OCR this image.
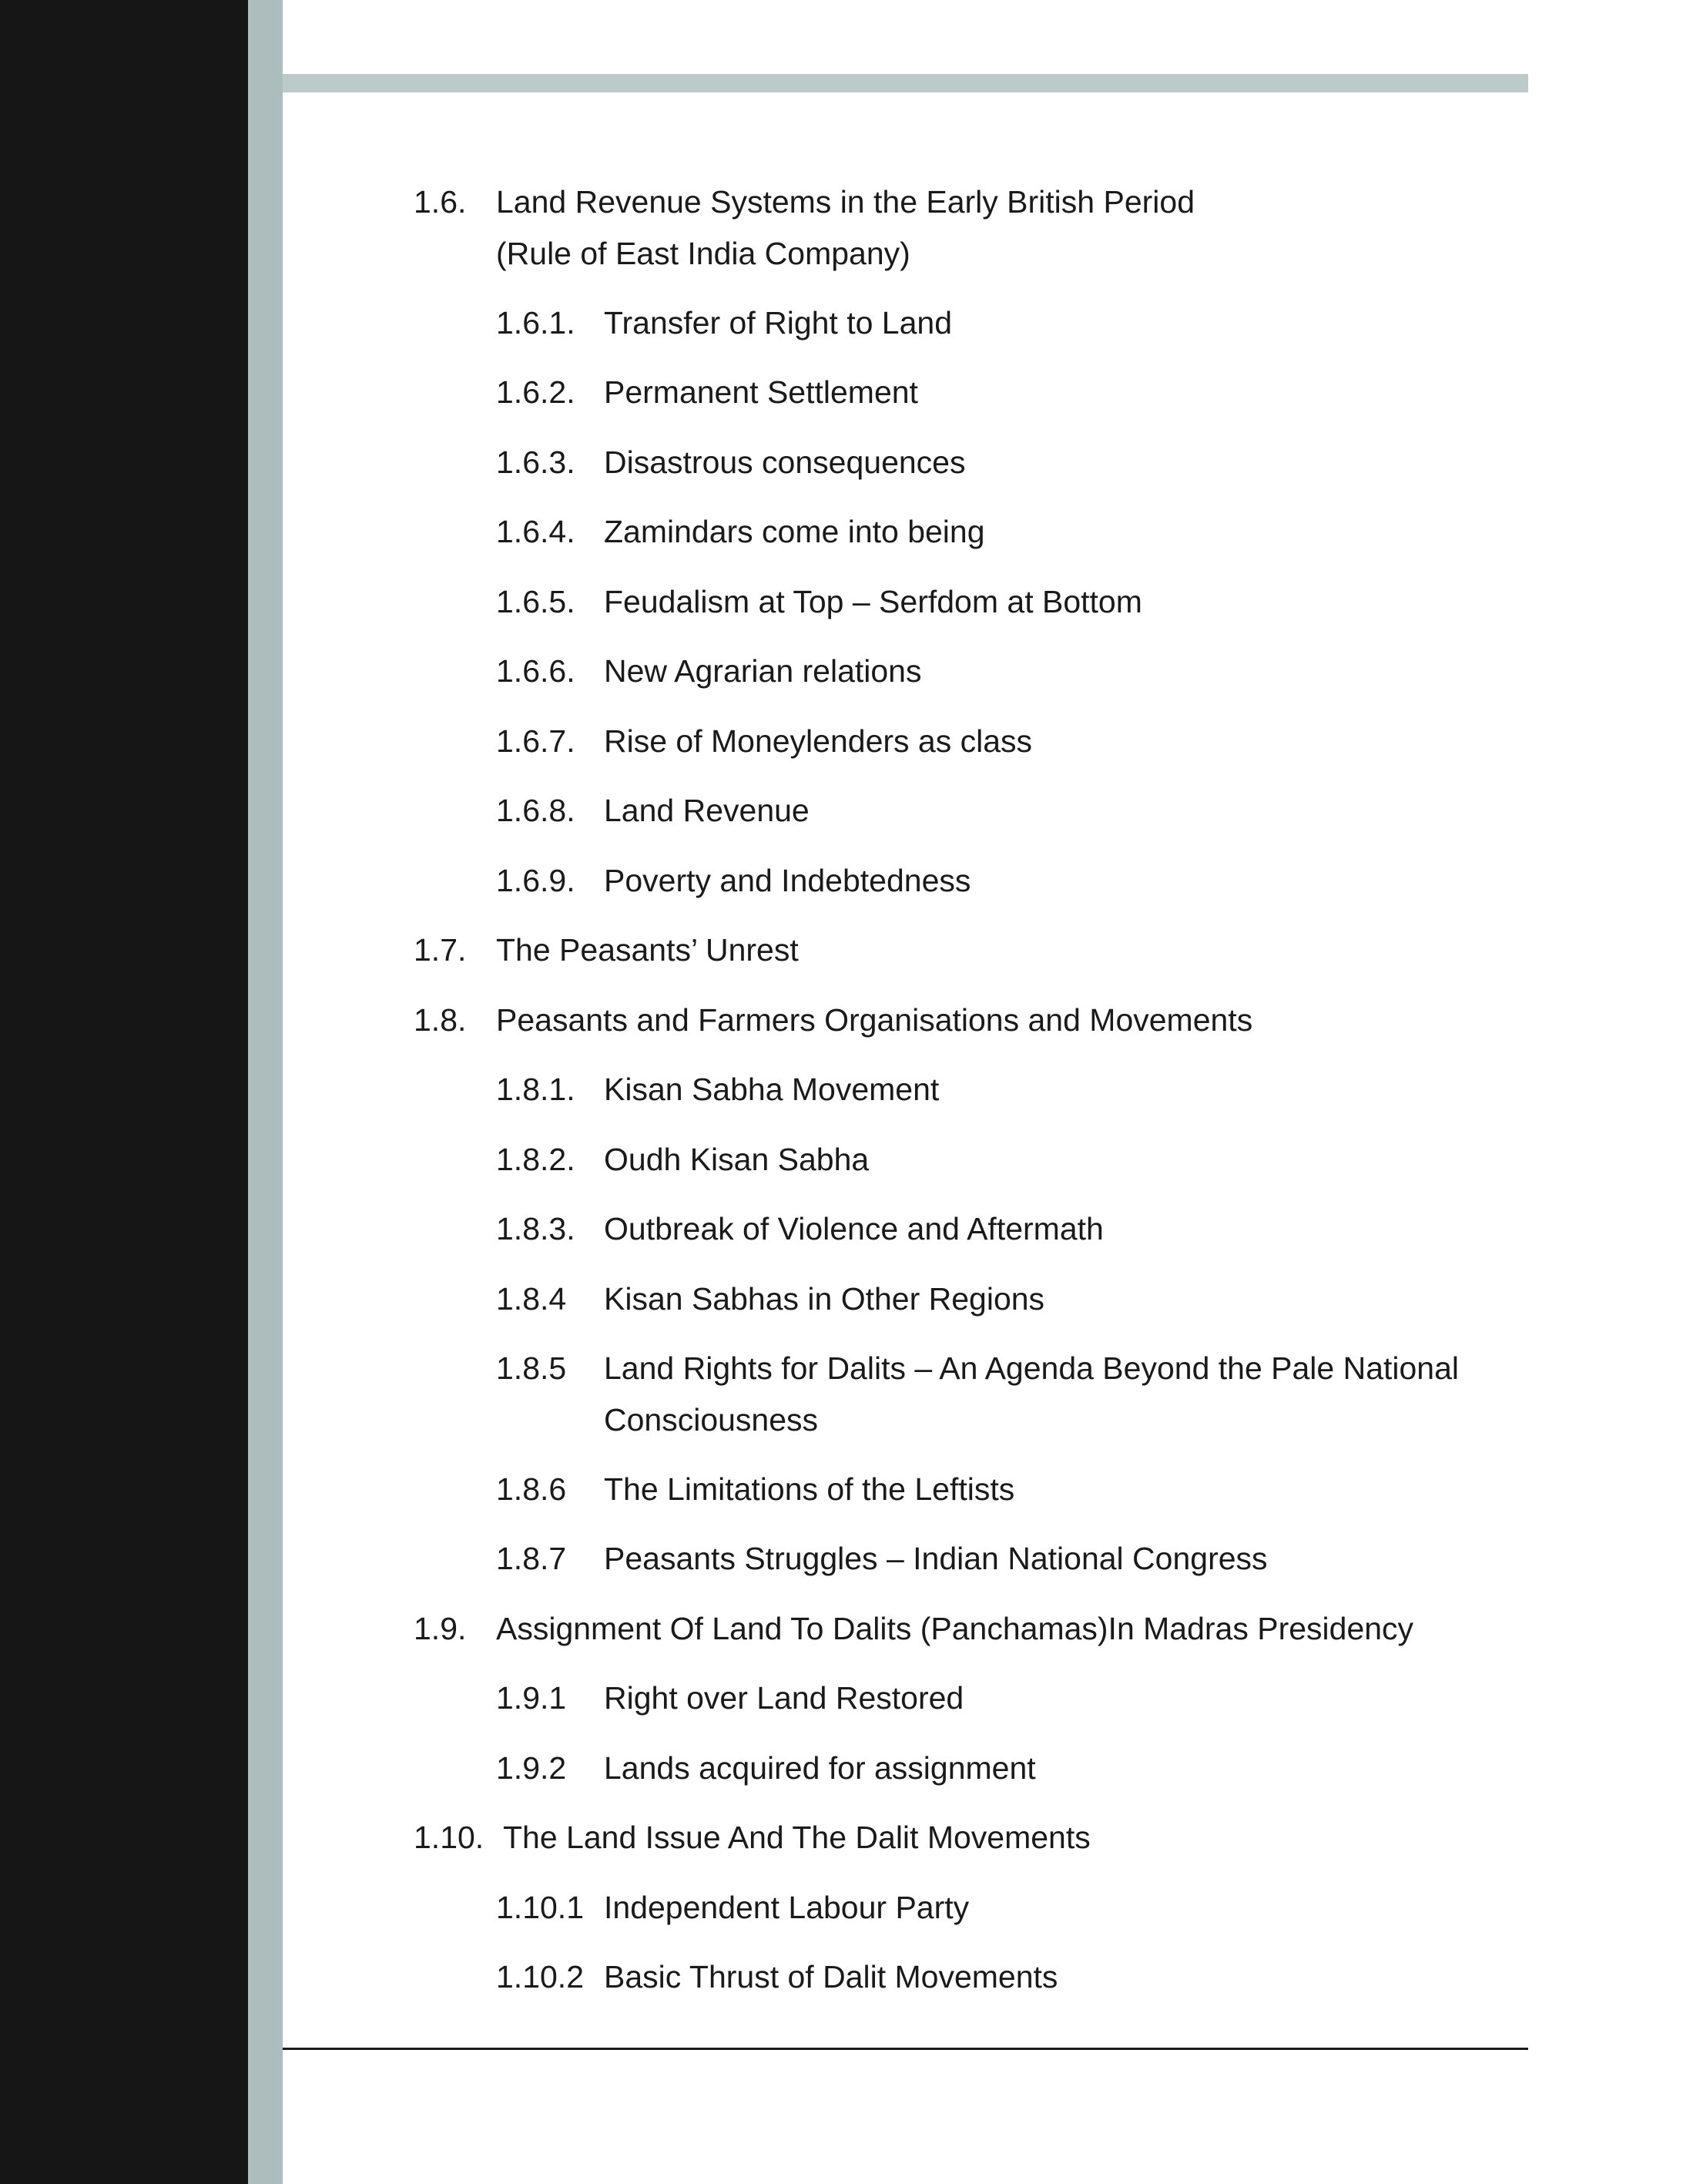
1.6. Land Revenue Systems in the Early British Period
(Rule of East India Company)
1.6.1. Transfer of Right to Land
1.6.2. Permanent Settlement
1.6.3. Disastrous consequences
1.6.4. Zamindars come into being
1.6.5. Feudalism at Top – Serfdom at Bottom
1.6.6. New Agrarian relations
1.6.7. Rise of Moneylenders as class
1.6.8. Land Revenue
1.6.9. Poverty and Indebtedness
1.7. The Peasants’ Unrest
1.8. Peasants and Farmers Organisations and Movements
1.8.1. Kisan Sabha Movement
1.8.2. Oudh Kisan Sabha
1.8.3. Outbreak of Violence and Aftermath
1.8.4 Kisan Sabhas in Other Regions
1.8.5 Land Rights for Dalits – An Agenda Beyond the Pale National
Consciousness
1.8.6 The Limitations of the Leftists
1.8.7 Peasants Struggles – Indian National Congress
1.9. Assignment Of Land To Dalits (Panchamas)In Madras Presidency
1.9.1 Right over Land Restored
1.9.2 Lands acquired for assignment
1.10. The Land Issue And The Dalit Movements
1.10.1 Independent Labour Party
1.10.2 Basic Thrust of Dalit Movements
